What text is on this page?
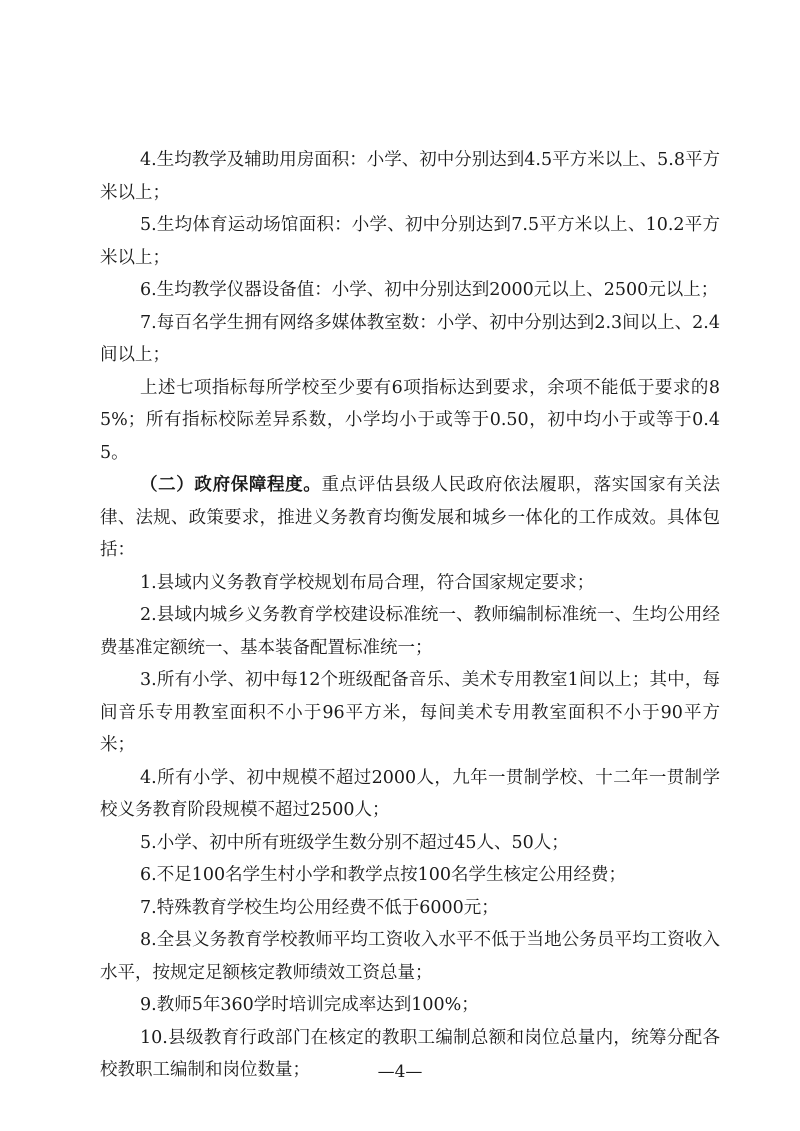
4.生均教学及辅助用房面积：小学、初中分别达到4.5平方米以上、5.8平方米以上；

5.生均体育运动场馆面积：小学、初中分别达到7.5平方米以上、10.2平方米以上；

6.生均教学仪器设备值：小学、初中分别达到2000元以上、2500元以上；

7.每百名学生拥有网络多媒体教室数：小学、初中分别达到2.3间以上、2.4间以上；

上述七项指标每所学校至少要有6项指标达到要求，余项不能低于要求的85%；所有指标校际差异系数，小学均小于或等于0.50，初中均小于或等于0.45。

（二）政府保障程度。重点评估县级人民政府依法履职，落实国家有关法律、法规、政策要求，推进义务教育均衡发展和城乡一体化的工作成效。具体包括：

1.县域内义务教育学校规划布局合理，符合国家规定要求；

2.县域内城乡义务教育学校建设标准统一、教师编制标准统一、生均公用经费基准定额统一、基本装备配置标准统一；

3.所有小学、初中每12个班级配备音乐、美术专用教室1间以上；其中，每间音乐专用教室面积不小于96平方米，每间美术专用教室面积不小于90平方米；

4.所有小学、初中规模不超过2000人，九年一贯制学校、十二年一贯制学校义务教育阶段规模不超过2500人；

5.小学、初中所有班级学生数分别不超过45人、50人；

6.不足100名学生村小学和教学点按100名学生核定公用经费；

7.特殊教育学校生均公用经费不低于6000元；

8.全县义务教育学校教师平均工资收入水平不低于当地公务员平均工资收入水平，按规定足额核定教师绩效工资总量；

9.教师5年360学时培训完成率达到100%；

10.县级教育行政部门在核定的教职工编制总额和岗位总量内，统筹分配各校教职工编制和岗位数量；	—4—
